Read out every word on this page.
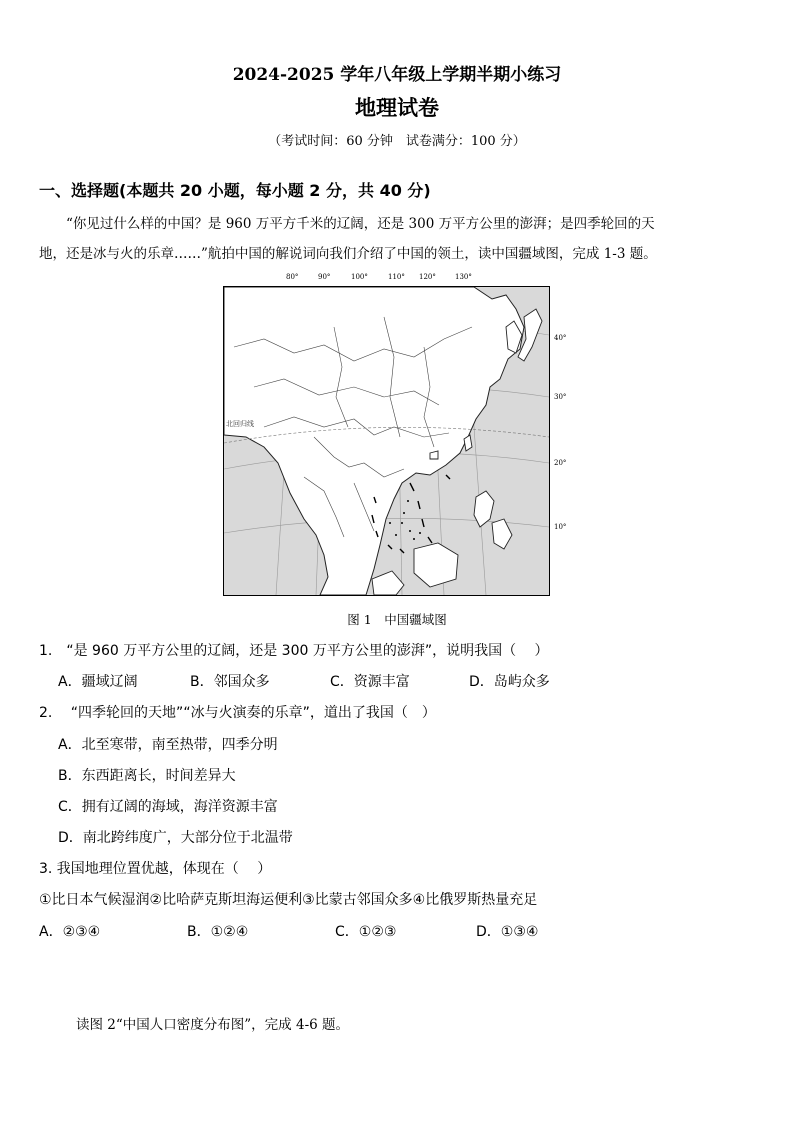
2024-2025 学年八年级上学期半期小练习
地理试卷
（考试时间：60 分钟　试卷满分：100 分）
一、选择题(本题共 20 小题，每小题 2 分，共 40 分)
“你见过什么样的中国？是 960 万平方千米的辽阔，还是 300 万平方公里的澎湃；是四季轮回的天
地，还是冰与火的乐章……”航拍中国的解说词向我们介绍了中国的领土，读中国疆域图，完成 1-3 题。
80°	90°	100°	110° 120°	130°
北回归线
40°
30°
20°
10°
图 1　中国疆域图
1.　“是 960 万平方公里的辽阔，还是 300 万平方公里的澎湃”，说明我国（　 ）
A．疆域辽阔	B．邻国众多	C．资源丰富	D．岛屿众多
2.　 “四季轮回的天地”“冰与火演奏的乐章”，道出了我国（　）
A．北至寒带，南至热带，四季分明
B．东西距离长，时间差异大
C．拥有辽阔的海域，海洋资源丰富
D．南北跨纬度广，大部分位于北温带
3. 我国地理位置优越，体现在（　 ）
①比日本气候湿润②比哈萨克斯坦海运便利③比蒙古邻国众多④比俄罗斯热量充足
A．②③④	B．①②④	C．①②③	D．①③④
读图 2“中国人口密度分布图”，完成 4-6 题。
